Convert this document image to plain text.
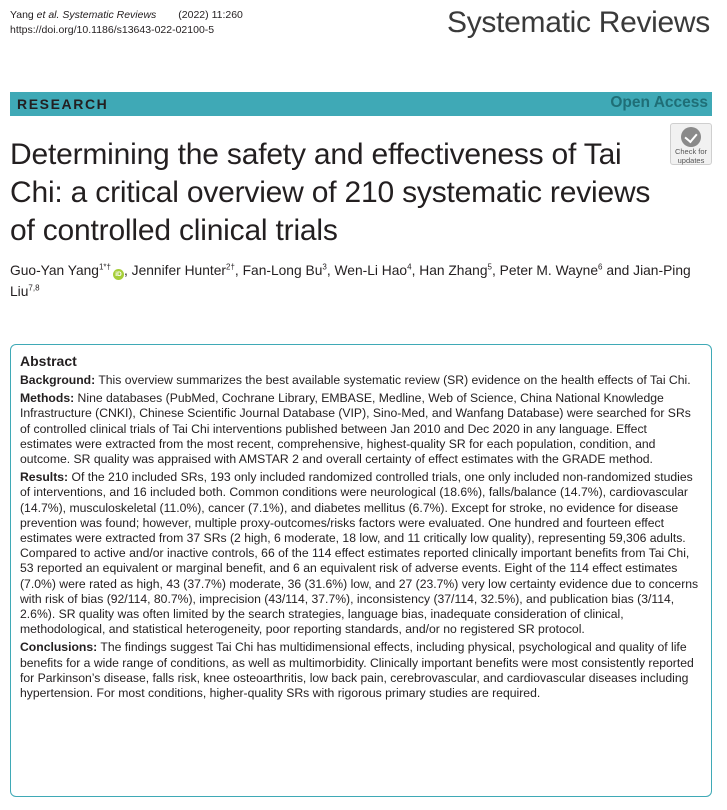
Yang et al. Systematic Reviews (2022) 11:260
https://doi.org/10.1186/s13643-022-02100-5	Systematic Reviews
RESEARCH	Open Access
Check for
updates
Determining the safety and effectiveness of Tai Chi: a critical overview of 210 systematic reviews of controlled clinical trials
Guo-Yan Yang$^{1*\dagger}$iD , Jennifer Hunter$^{2\dagger}$, Fan-Long Bu$^3$, Wen-Li Hao$^4$, Han Zhang$^5$, Peter M. Wayne$^6$ and Jian-Ping Liu$^{7,8}$
Abstract

Background: This overview summarizes the best available systematic review (SR) evidence on the health effects of Tai Chi.

Methods: Nine databases (PubMed, Cochrane Library, EMBASE, Medline, Web of Science, China National Knowledge Infrastructure (CNKI), Chinese Scientific Journal Database (VIP), Sino-Med, and Wanfang Database) were searched for SRs of controlled clinical trials of Tai Chi interventions published between Jan 2010 and Dec 2020 in any language. Effect estimates were extracted from the most recent, comprehensive, highest-quality SR for each population, condition, and outcome. SR quality was appraised with AMSTAR 2 and overall certainty of effect estimates with the GRADE method.

Results: Of the 210 included SRs, 193 only included randomized controlled trials, one only included non-randomized studies of interventions, and 16 included both. Common conditions were neurological (18.6%), falls/balance (14.7%), cardiovascular (14.7%), musculoskeletal (11.0%), cancer (7.1%), and diabetes mellitus (6.7%). Except for stroke, no evidence for disease prevention was found; however, multiple proxy-outcomes/risks factors were evaluated. One hundred and fourteen effect estimates were extracted from 37 SRs (2 high, 6 moderate, 18 low, and 11 critically low quality), representing 59,306 adults. Compared to active and/or inactive controls, 66 of the 114 effect estimates reported clinically important benefits from Tai Chi, 53 reported an equivalent or marginal benefit, and 6 an equivalent risk of adverse events. Eight of the 114 effect estimates (7.0%) were rated as high, 43 (37.7%) moderate, 36 (31.6%) low, and 27 (23.7%) very low certainty evidence due to concerns with risk of bias (92/114, 80.7%), imprecision (43/114, 37.7%), inconsistency (37/114, 32.5%), and publication bias (3/114, 2.6%). SR quality was often limited by the search strategies, language bias, inadequate consideration of clinical, methodological, and statistical heterogeneity, poor reporting standards, and/or no registered SR protocol.

Conclusions: The findings suggest Tai Chi has multidimensional effects, including physical, psychological and quality of life benefits for a wide range of conditions, as well as multimorbidity. Clinically important benefits were most consistently reported for Parkinson’s disease, falls risk, knee osteoarthritis, low back pain, cerebrovascular, and cardiovascular diseases including hypertension. For most conditions, higher-quality SRs with rigorous primary studies are required.
